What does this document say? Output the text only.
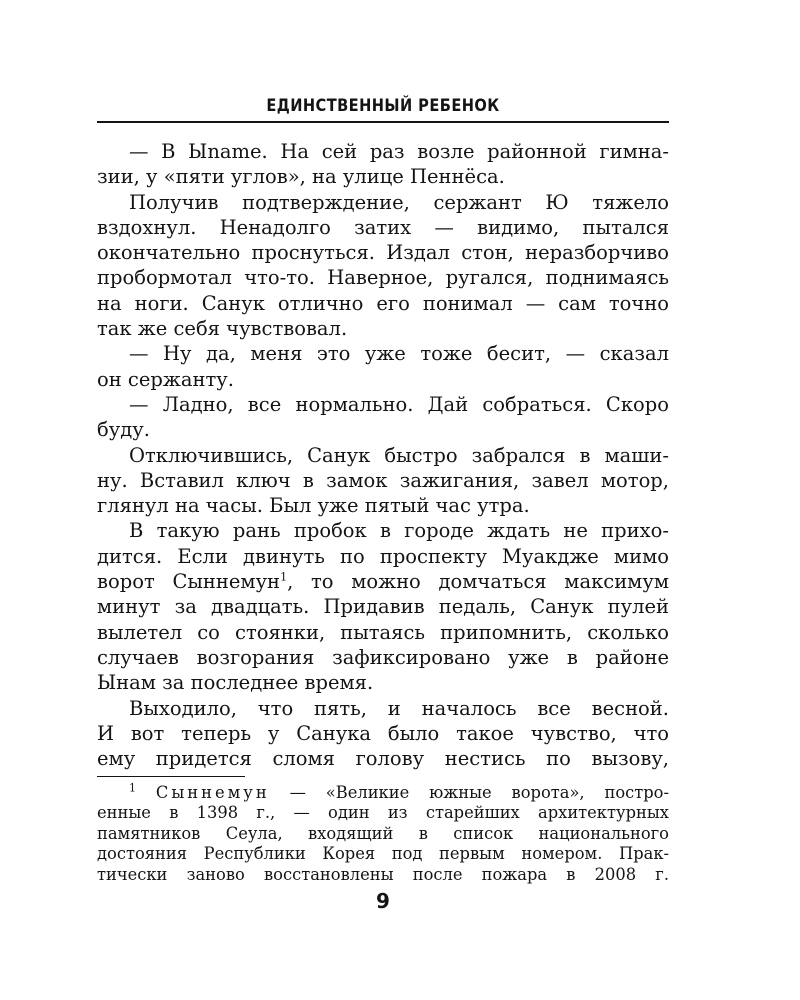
ЕДИНСТВЕННЫЙ РЕБЕНОК
— В Ыname. На сей раз возле районной гимна-
зии, у «пяти углов», на улице Пеннёса.
Получив подтверждение, сержант Ю тяжело
вздохнул. Ненадолго затих — видимо, пытался
окончательно проснуться. Издал стон, неразборчиво
пробормотал что-то. Наверное, ругался, поднимаясь
на ноги. Санук отлично его понимал — сам точно
так же себя чувствовал.
— Ну да, меня это уже тоже бесит, — сказал
он сержанту.
— Ладно, все нормально. Дай собраться. Скоро
буду.
Отключившись, Санук быстро забрался в маши-
ну. Вставил ключ в замок зажигания, завел мотор,
глянул на часы. Был уже пятый час утра.
В такую рань пробок в городе ждать не прихо-
дится. Если двинуть по проспекту Муакдже мимо
ворот Сыннемун$^1$, то можно домчаться максимум
минут за двадцать. Придавив педаль, Санук пулей
вылетел со стоянки, пытаясь припомнить, сколько
случаев возгорания зафиксировано уже в районе
Ынам за последнее время.
Выходило, что пять, и началось все весной.
И вот теперь у Санука было такое чувство, что
ему придется сломя голову нестись по вызову,
$^1$ Сыннемун — «Великие южные ворота», постро-
енные в 1398 г., — один из старейших архитектурных
памятников Сеула, входящий в список национального
достояния Республики Корея под первым номером. Прак-
тически заново восстановлены после пожара в 2008 г.
9
